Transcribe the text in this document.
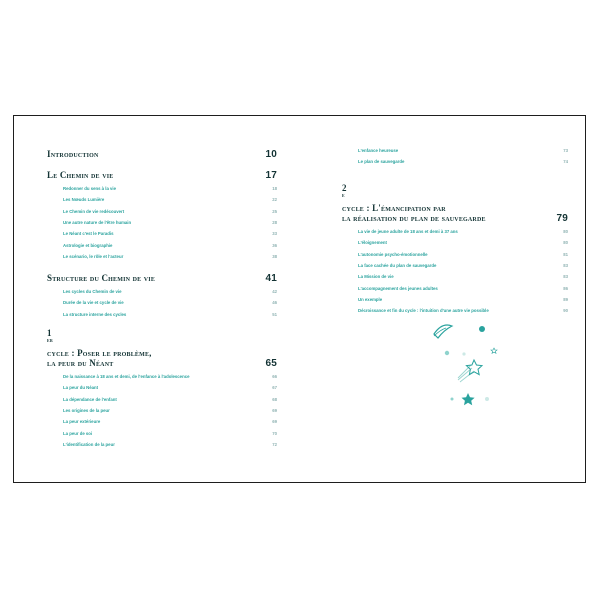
Introduction	10
Le Chemin de vie	17
Redonner du sens à la vie	18
Les Nœuds Lumière	22
Le Chemin de vie redécouvert	25
Une autre nature de l'être humain	28
Le Néant c'est le Paradis	33
Astrologie et biographie	36
Le scénario, le rôle et l'acteur	38
Structure du Chemin de vie	41
Les cycles du Chemin de vie	42
Durée de la vie et cycle de vie	46
La structure interne des cycles	51
1
er
cycle : Poser le problème,
la peur du Néant	65
De la naissance à 18 ans et demi, de l'enfance à l'adolescence	66
La peur du Néant	67
La dépendance de l'enfant	68
Les origines de la peur	69
La peur extérieure	69
La peur de soi	70
L'identification de la peur	72
L'enfance heureuse	73
Le plan de sauvegarde	74
2
e
cycle : L'émancipation par
la réalisation du plan de sauvegarde	79
La vie de jeune adulte de 18 ans et demi à 37 ans	80
L'éloignement	80
L'autonomie psycho-émotionnelle	81
La face cachée du plan de sauvegarde	83
La Mission de vie	83
L'accompagnement des jeunes adultes	86
Un exemple	89
Décroissance et fin du cycle : l'intuition d'une autre vie possible	90
